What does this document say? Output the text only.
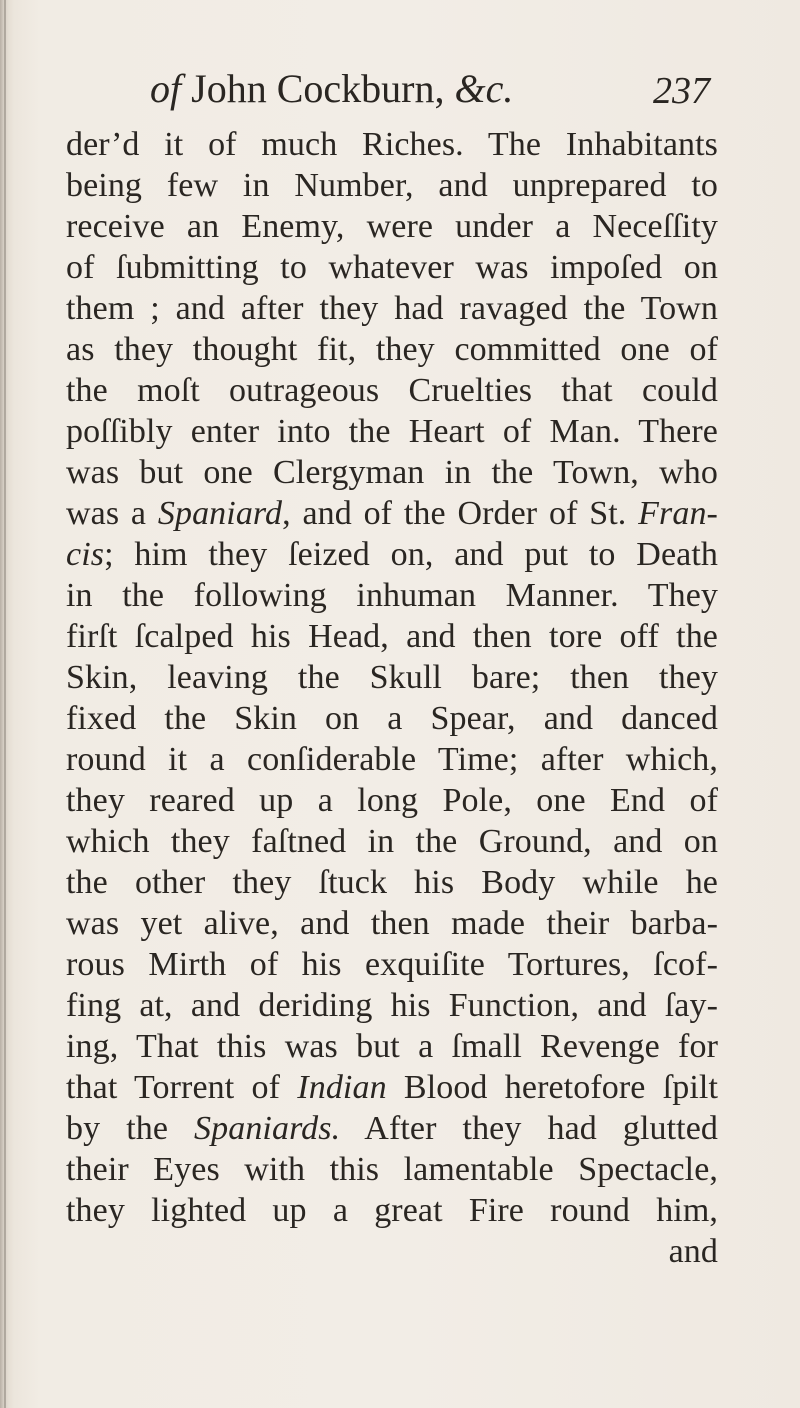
of John Cockburn, &c.	237
der’d it of much Riches. The Inhabitants
being few in Number, and unprepared to
receive an Enemy, were under a Neceſſity
of ſubmitting to whatever was impoſed on
them ; and after they had ravaged the Town
as they thought fit, they committed one of
the moſt outrageous Cruelties that could
poſſibly enter into the Heart of Man. There
was but one Clergyman in the Town, who
was a Spaniard, and of the Order of St. Fran-
cis; him they ſeized on, and put to Death
in the following inhuman Manner. They
firſt ſcalped his Head, and then tore off the
Skin, leaving the Skull bare; then they
fixed the Skin on a Spear, and danced
round it a conſiderable Time; after which,
they reared up a long Pole, one End of
which they faſtned in the Ground, and on
the other they ſtuck his Body while he
was yet alive, and then made their barba-
rous Mirth of his exquiſite Tortures, ſcof-
fing at, and deriding his Function, and ſay-
ing, That this was but a ſmall Revenge for
that Torrent of Indian Blood heretofore ſpilt
by the Spaniards. After they had glutted
their Eyes with this lamentable Spectacle,
they lighted up a great Fire round him,
and
